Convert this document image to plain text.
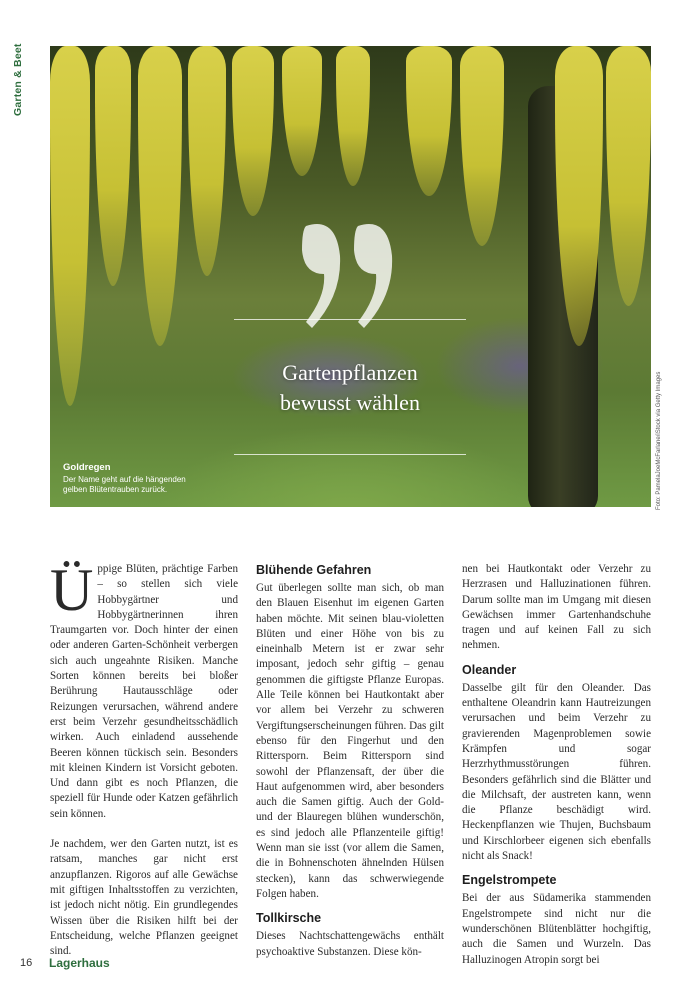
Garten & Beet
Gartenpflanzen
bewusst wählen
Goldregen
Der Name geht auf die hängenden
gelben Blütentrauben zurück.	Foto: PamelaJoeMcFarlane/iStock via Getty Images
Ü ppige Blüten, prächtige Farben – so stellen sich viele Hobbygärtner und Hobbygärtnerinnen ihren Traumgarten vor. Doch hinter der einen oder anderen Garten-Schönheit verbergen sich auch ungeahnte Risiken. Manche Sorten können bereits bei bloßer Berührung Hautausschläge oder Reizungen verursachen, während andere erst beim Verzehr gesundheitsschädlich wirken. Auch einladend aussehende Beeren können tückisch sein. Besonders mit kleinen Kindern ist Vorsicht geboten. Und dann gibt es noch Pflanzen, die speziell für Hunde oder Katzen gefährlich sein können.

Je nachdem, wer den Garten nutzt, ist es ratsam, manches gar nicht erst anzupflanzen. Rigoros auf alle Gewächse mit giftigen Inhaltsstoffen zu verzichten, ist jedoch nicht nötig. Ein grundlegendes Wissen über die Risiken hilft bei der Entscheidung, welche Pflanzen geeignet sind.

Blühende Gefahren

Gut überlegen sollte man sich, ob man den Blauen Eisenhut im eigenen Garten haben möchte. Mit seinen blau-violetten Blüten und einer Höhe von bis zu eineinhalb Metern ist er zwar sehr imposant, jedoch sehr giftig – genau genommen die giftigste Pflanze Europas. Alle Teile können bei Hautkontakt aber vor allem bei Verzehr zu schweren Vergiftungserscheinungen führen. Das gilt ebenso für den Fingerhut und den Rittersporn. Beim Rittersporn sind sowohl der Pflanzensaft, der über die Haut aufgenommen wird, aber besonders auch die Samen giftig. Auch der Gold- und der Blauregen blühen wunderschön, es sind jedoch alle Pflanzenteile giftig! Wenn man sie isst (vor allem die Samen, die in Bohnenschoten ähnelnden Hülsen stecken), kann das schwerwiegende Folgen haben.

Tollkirsche

Dieses Nachtschattengewächs enthält psychoaktive Substanzen. Diese kön-

nen bei Hautkontakt oder Verzehr zu Herzrasen und Halluzinationen führen. Darum sollte man im Umgang mit diesen Gewächsen immer Gartenhandschuhe tragen und auf keinen Fall zu sich nehmen.

Oleander

Dasselbe gilt für den Oleander. Das enthaltene Oleandrin kann Hautreizungen verursachen und beim Verzehr zu gravierenden Magenproblemen sowie Krämpfen und sogar Herzrhythmusstörungen führen. Besonders gefährlich sind die Blätter und die Milchsaft, der austreten kann, wenn die Pflanze beschädigt wird. Heckenpflanzen wie Thujen, Buchsbaum und Kirschlorbeer eigenen sich ebenfalls nicht als Snack!

Engelstrompete

Bei der aus Südamerika stammenden Engelstrompete sind nicht nur die wunderschönen Blütenblätter hochgiftig, auch die Samen und Wurzeln. Das Halluzinogen Atropin sorgt bei

16 Lagerhaus
